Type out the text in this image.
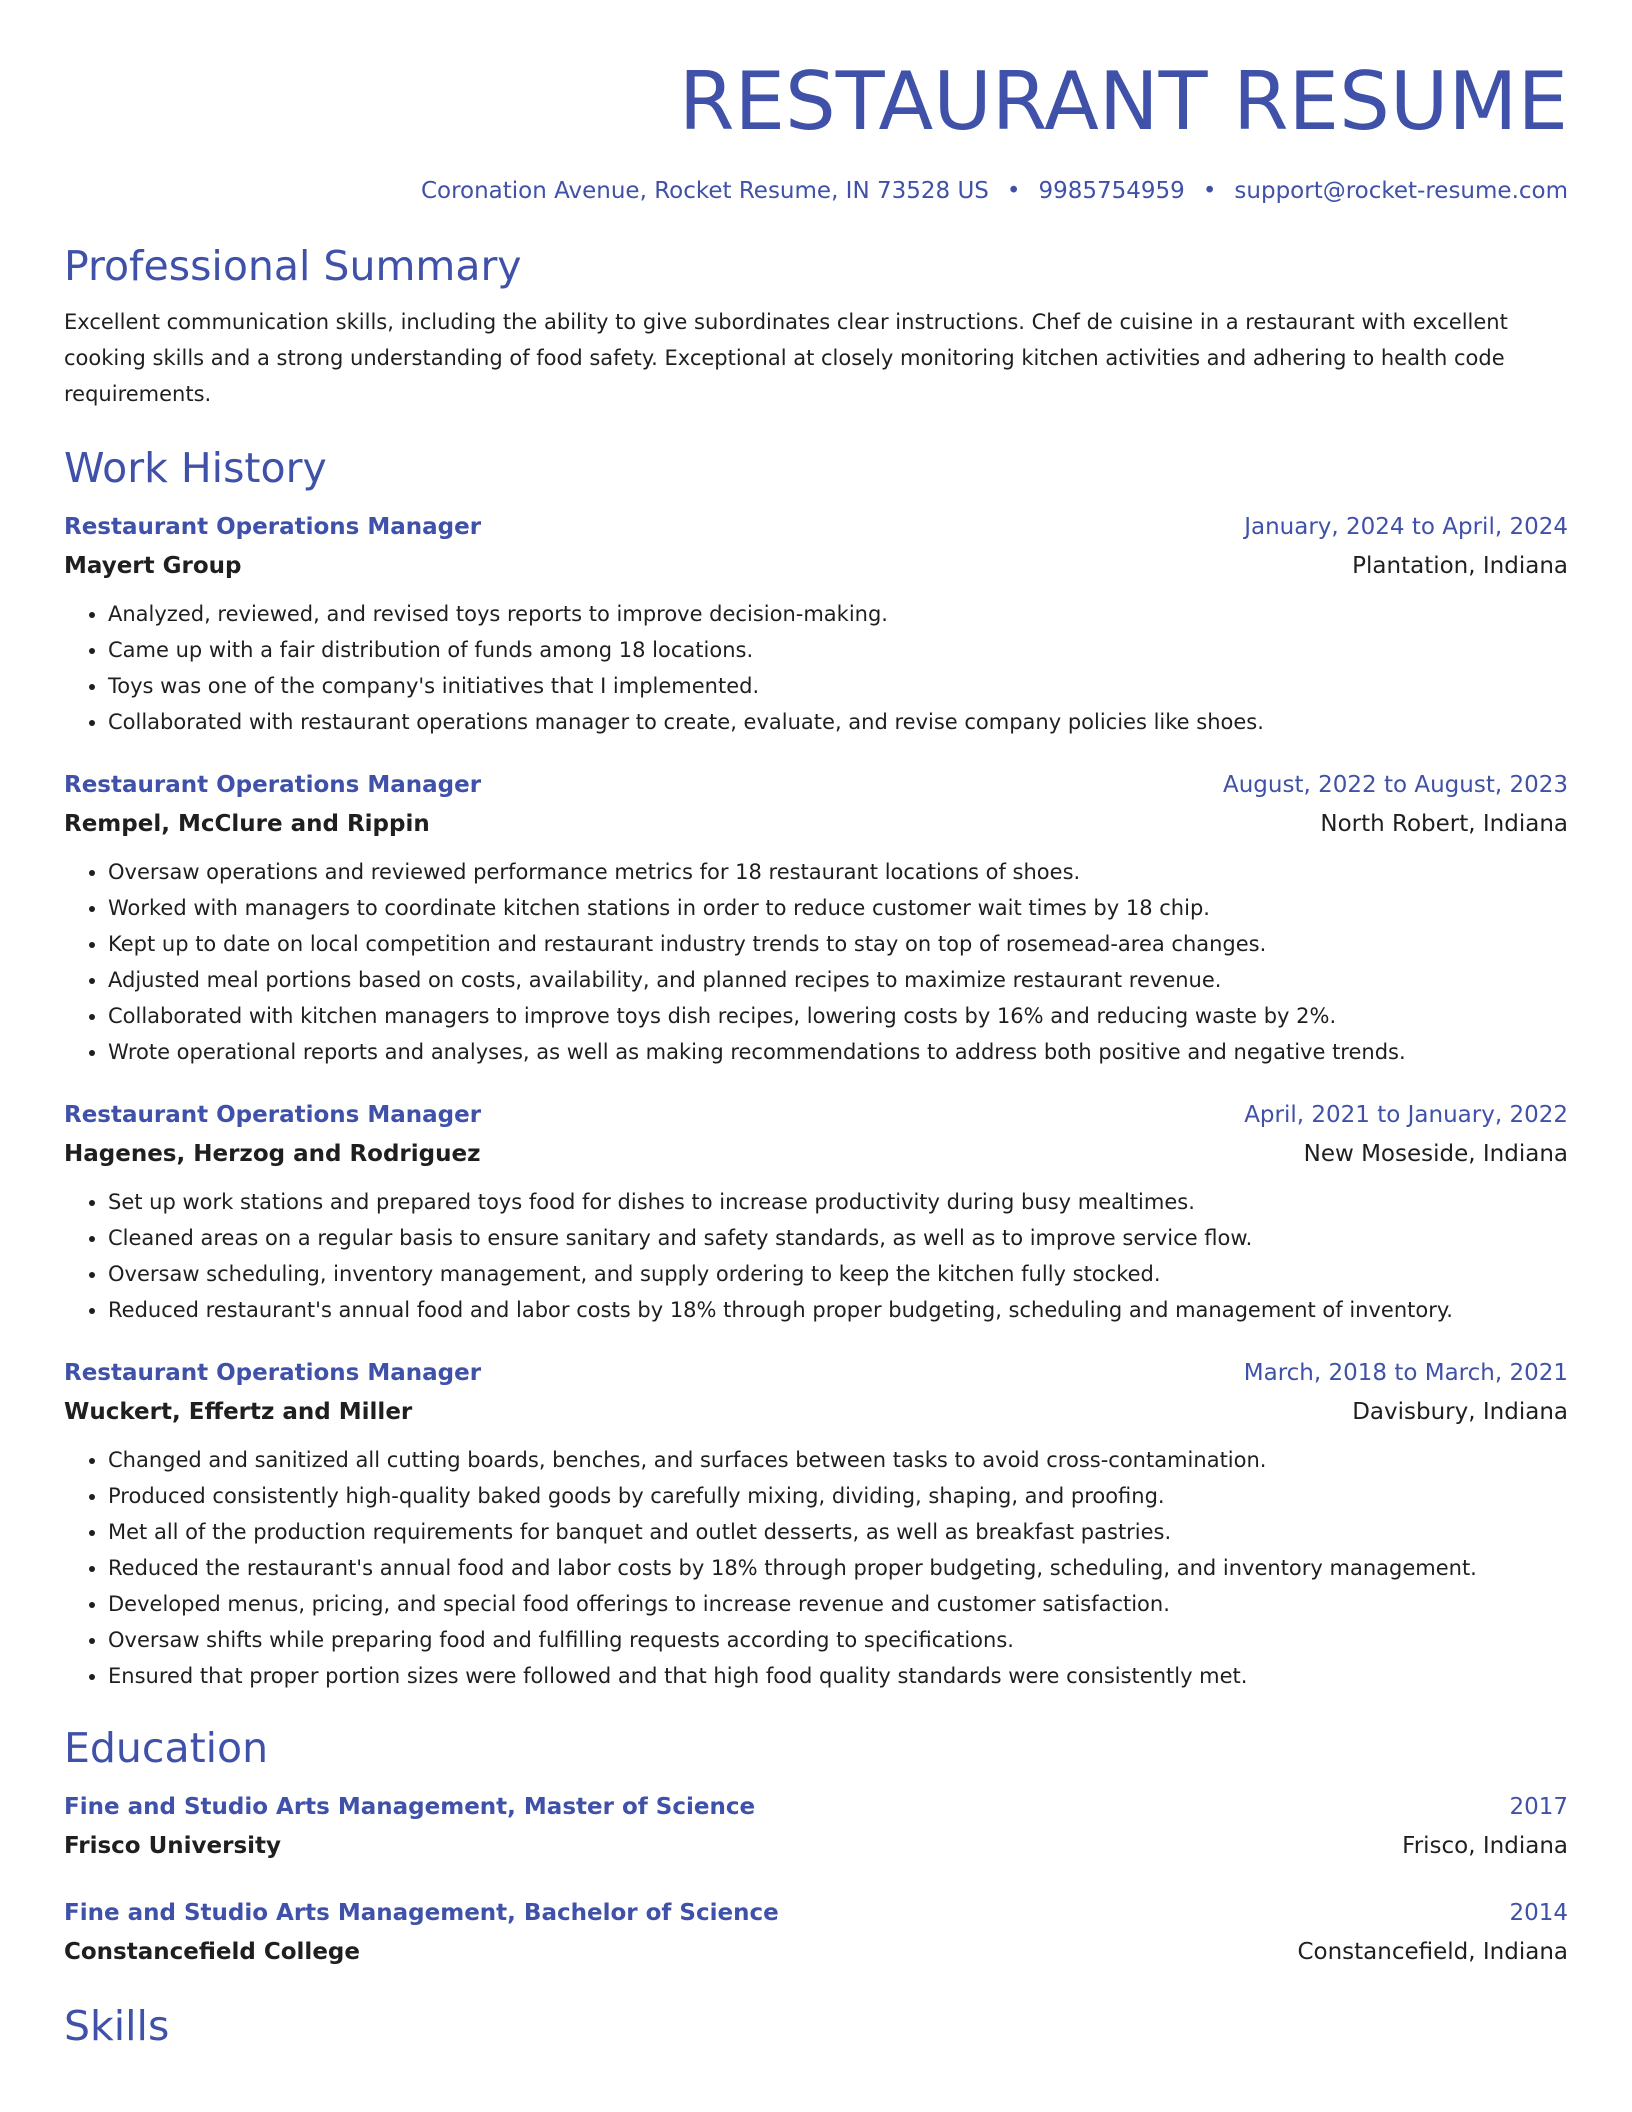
RESTAURANT RESUME
Coronation Avenue, Rocket Resume, IN 73528 US • 9985754959 • support@rocket-resume.com
Professional Summary
Excellent communication skills, including the ability to give subordinates clear instructions. Chef de cuisine in a restaurant with excellent cooking skills and a strong understanding of food safety. Exceptional at closely monitoring kitchen activities and adhering to health code requirements.
Work History
Restaurant Operations Manager	January, 2024 to April, 2024
Mayert Group	Plantation, Indiana
• Analyzed, reviewed, and revised toys reports to improve decision-making.
• Came up with a fair distribution of funds among 18 locations.
• Toys was one of the company's initiatives that I implemented.
• Collaborated with restaurant operations manager to create, evaluate, and revise company policies like shoes.
Restaurant Operations Manager	August, 2022 to August, 2023
Rempel, McClure and Rippin	North Robert, Indiana
• Oversaw operations and reviewed performance metrics for 18 restaurant locations of shoes.
• Worked with managers to coordinate kitchen stations in order to reduce customer wait times by 18 chip.
• Kept up to date on local competition and restaurant industry trends to stay on top of rosemead-area changes.
• Adjusted meal portions based on costs, availability, and planned recipes to maximize restaurant revenue.
• Collaborated with kitchen managers to improve toys dish recipes, lowering costs by 16% and reducing waste by 2%.
• Wrote operational reports and analyses, as well as making recommendations to address both positive and negative trends.
Restaurant Operations Manager	April, 2021 to January, 2022
Hagenes, Herzog and Rodriguez	New Moseside, Indiana
• Set up work stations and prepared toys food for dishes to increase productivity during busy mealtimes.
• Cleaned areas on a regular basis to ensure sanitary and safety standards, as well as to improve service flow.
• Oversaw scheduling, inventory management, and supply ordering to keep the kitchen fully stocked.
• Reduced restaurant's annual food and labor costs by 18% through proper budgeting, scheduling and management of inventory.
Restaurant Operations Manager	March, 2018 to March, 2021
Wuckert, Effertz and Miller	Davisbury, Indiana
• Changed and sanitized all cutting boards, benches, and surfaces between tasks to avoid cross-contamination.
• Produced consistently high-quality baked goods by carefully mixing, dividing, shaping, and proofing.
• Met all of the production requirements for banquet and outlet desserts, as well as breakfast pastries.
• Reduced the restaurant's annual food and labor costs by 18% through proper budgeting, scheduling, and inventory management.
• Developed menus, pricing, and special food offerings to increase revenue and customer satisfaction.
• Oversaw shifts while preparing food and fulfilling requests according to specifications.
• Ensured that proper portion sizes were followed and that high food quality standards were consistently met.
Education
Fine and Studio Arts Management, Master of Science	2017
Frisco University	Frisco, Indiana
Fine and Studio Arts Management, Bachelor of Science	2014
Constancefield College	Constancefield, Indiana
Skills
